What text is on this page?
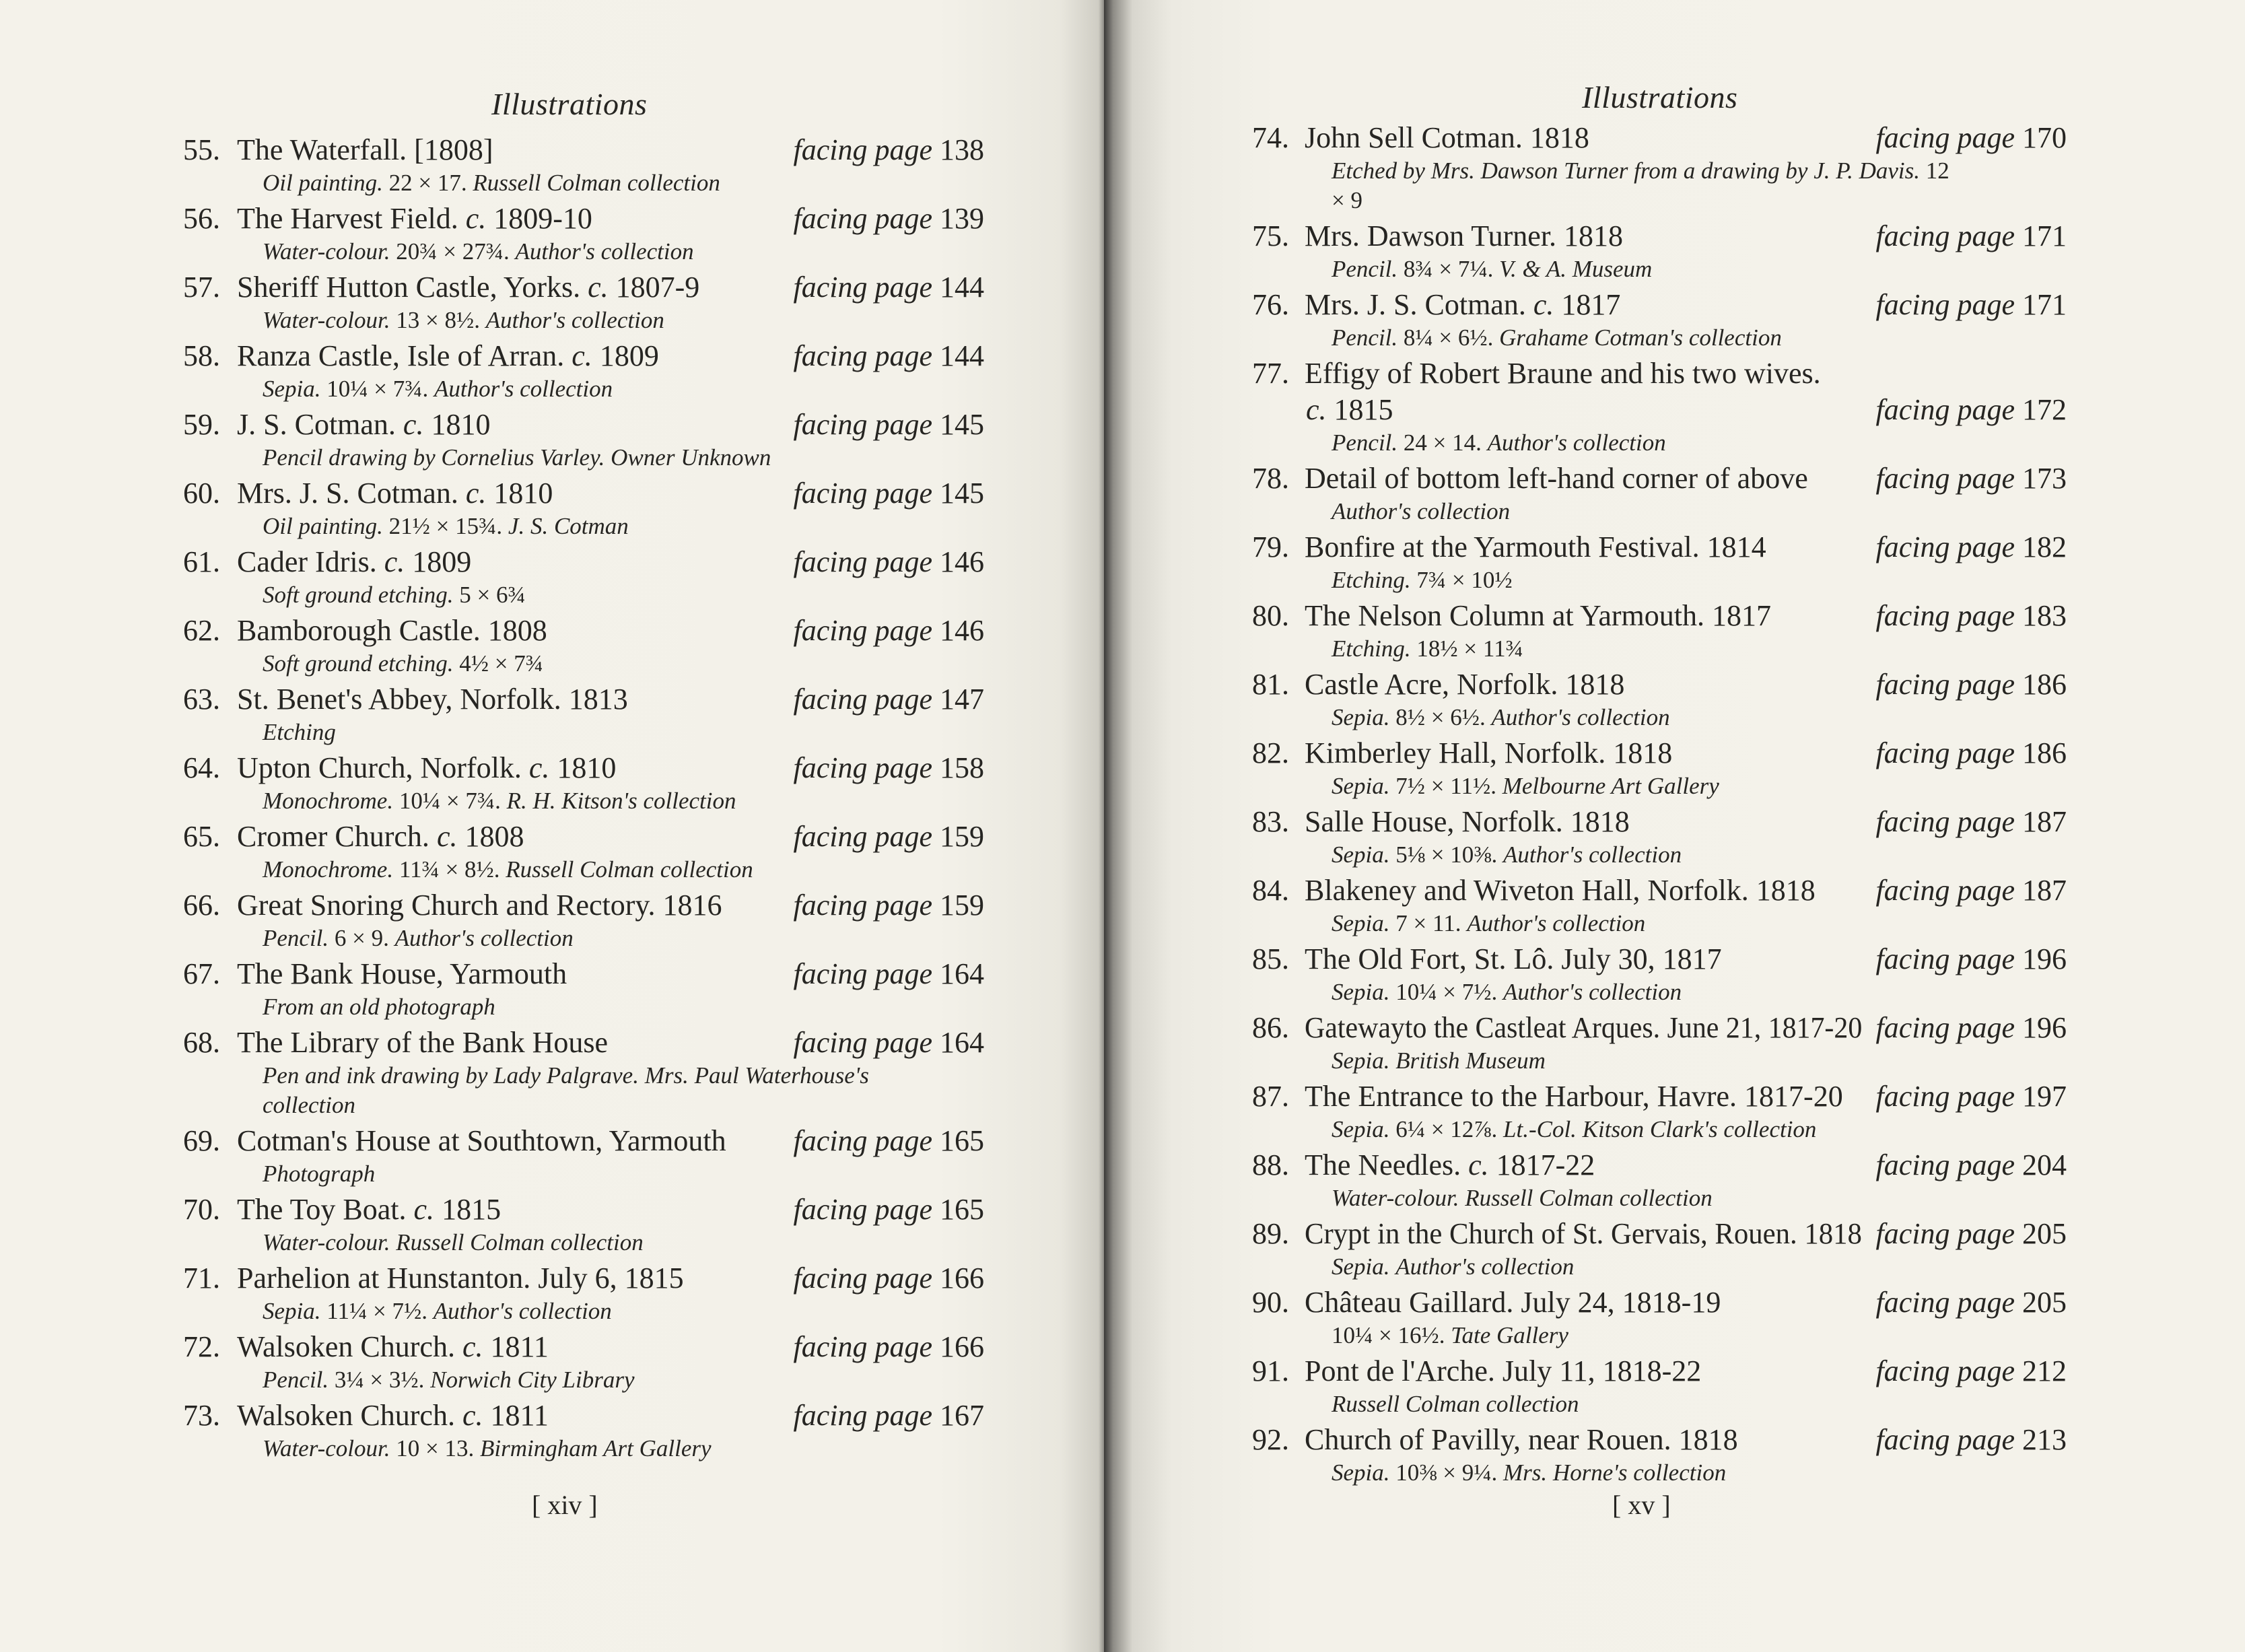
Illustrations
55. The Waterfall. [1808]	facing page 138
Oil painting. 22 × 17. Russell Colman collection
56. The Harvest Field. c. 1809-10	facing page 139
Water-colour. 20¾ × 27¾. Author's collection
57. Sheriff Hutton Castle, Yorks. c. 1807-9	facing page 144
Water-colour. 13 × 8½. Author's collection
58. Ranza Castle, Isle of Arran. c. 1809	facing page 144
Sepia. 10¼ × 7¾. Author's collection
59. J. S. Cotman. c. 1810	facing page 145
Pencil drawing by Cornelius Varley. Owner Unknown
60. Mrs. J. S. Cotman. c. 1810	facing page 145
Oil painting. 21½ × 15¾. J. S. Cotman
61. Cader Idris. c. 1809	facing page 146
Soft ground etching. 5 × 6¾
62. Bamborough Castle. 1808	facing page 146
Soft ground etching. 4½ × 7¾
63. St. Benet's Abbey, Norfolk. 1813	facing page 147
Etching
64. Upton Church, Norfolk. c. 1810	facing page 158
Monochrome. 10¼ × 7¾. R. H. Kitson's collection
65. Cromer Church. c. 1808	facing page 159
Monochrome. 11¾ × 8½. Russell Colman collection
66. Great Snoring Church and Rectory. 1816	facing page 159
Pencil. 6 × 9. Author's collection
67. The Bank House, Yarmouth	facing page 164
From an old photograph
68. The Library of the Bank House	facing page 164
Pen and ink drawing by Lady Palgrave. Mrs. Paul Waterhouse's collection
69. Cotman's House at Southtown, Yarmouth	facing page 165
Photograph
70. The Toy Boat. c. 1815	facing page 165
Water-colour. Russell Colman collection
71. Parhelion at Hunstanton. July 6, 1815	facing page 166
Sepia. 11¼ × 7½. Author's collection
72. Walsoken Church. c. 1811	facing page 166
Pencil. 3¼ × 3½. Norwich City Library
73. Walsoken Church. c. 1811	facing page 167
Water-colour. 10 × 13. Birmingham Art Gallery
[ xiv ]
Illustrations
74. John Sell Cotman. 1818	facing page 170
Etched by Mrs. Dawson Turner from a drawing by J. P. Davis. 12 × 9
75. Mrs. Dawson Turner. 1818	facing page 171
Pencil. 8¾ × 7¼. V. & A. Museum
76. Mrs. J. S. Cotman. c. 1817	facing page 171
Pencil. 8¼ × 6½. Grahame Cotman's collection
77. Effigy of Robert Braune and his two wives.
c. 1815	facing page 172
Pencil. 24 × 14. Author's collection
78. Detail of bottom left-hand corner of above	facing page 173
Author's collection
79. Bonfire at the Yarmouth Festival. 1814	facing page 182
Etching. 7¾ × 10½
80. The Nelson Column at Yarmouth. 1817	facing page 183
Etching. 18½ × 11¾
81. Castle Acre, Norfolk. 1818	facing page 186
Sepia. 8½ × 6½. Author's collection
82. Kimberley Hall, Norfolk. 1818	facing page 186
Sepia. 7½ × 11½. Melbourne Art Gallery
83. Salle House, Norfolk. 1818	facing page 187
Sepia. 5⅛ × 10⅜. Author's collection
84. Blakeney and Wiveton Hall, Norfolk. 1818	facing page 187
Sepia. 7 × 11. Author's collection
85. The Old Fort, St. Lô. July 30, 1817	facing page 196
Sepia. 10¼ × 7½. Author's collection
86. Gatewayto the Castleat Arques. June 21, 1817-20 facing page 196
Sepia. British Museum
87. The Entrance to the Harbour, Havre. 1817-20	facing page 197
Sepia. 6¼ × 12⅞. Lt.-Col. Kitson Clark's collection
88. The Needles. c. 1817-22	facing page 204
Water-colour. Russell Colman collection
89. Crypt in the Church of St. Gervais, Rouen. 1818 facing page 205
Sepia. Author's collection
90. Château Gaillard. July 24, 1818-19	facing page 205
10¼ × 16½. Tate Gallery
91. Pont de l'Arche. July 11, 1818-22	facing page 212
Russell Colman collection
92. Church of Pavilly, near Rouen. 1818	facing page 213
Sepia. 10⅜ × 9¼. Mrs. Horne's collection
[ xv ]
